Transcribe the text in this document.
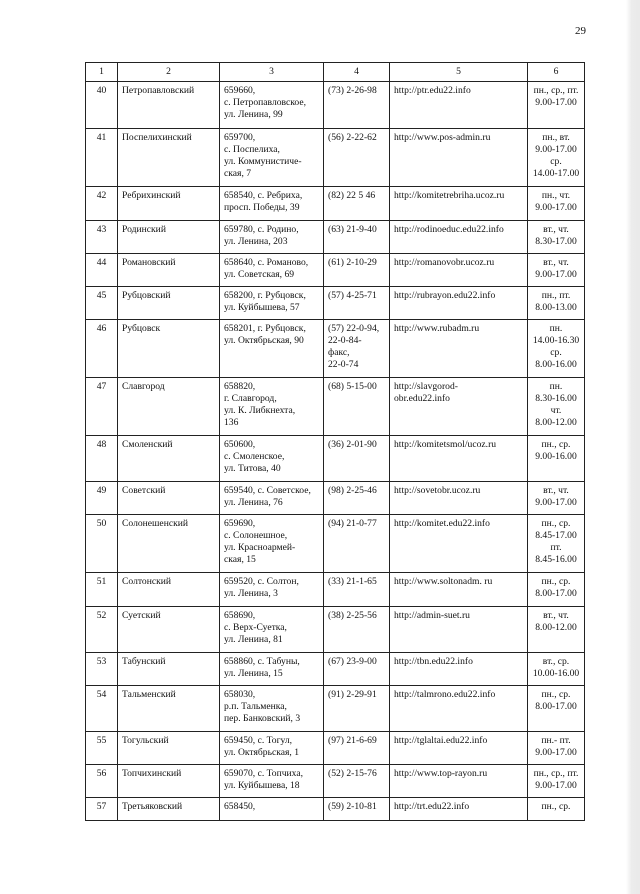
29
1	2	3	4	5	6
40	Петропавловский	659660,
с. Петропавловское,
ул. Ленина, 99	(73) 2-26-98	http://ptr.edu22.info	пн., ср., пт.
9.00-17.00
41	Поспелихинский	659700,
с. Поспелиха,
ул. Коммунистиче-
ская, 7	(56) 2-22-62	http://www.pos-admin.ru	пн., вт.
9.00-17.00
ср.
14.00-17.00
42	Ребрихинский	658540, с. Ребриха,
просп. Победы, 39	(82) 22 5 46	http://komitetrebriha.ucoz.ru	пн., чт.
9.00-17.00
43	Родинский	659780, с. Родино,
ул. Ленина, 203	(63) 21-9-40	http://rodinoeduc.edu22.info	вт., чт.
8.30-17.00
44	Романовский	658640, с. Романово,
ул. Советская, 69	(61) 2-10-29	http://romanovobr.ucoz.ru	вт., чт.
9.00-17.00
45	Рубцовский	658200, г. Рубцовск,
ул. Куйбышева, 57	(57) 4-25-71	http://rubrayon.edu22.info	пн., пт.
8.00-13.00
46	Рубцовск	658201, г. Рубцовск,
ул. Октябрьская, 90	(57) 22-0-94,
22-0-84-
факс,
22-0-74	http://www.rubadm.ru	пн.
14.00-16.30
ср.
8.00-16.00
47	Славгород	658820,
г. Славгород,
ул. К. Либкнехта,
136	(68) 5-15-00	http://slavgorod-
obr.edu22.info	пн.
8.30-16.00
чт.
8.00-12.00
48	Смоленский	650600,
с. Смоленское,
ул. Титова, 40	(36) 2-01-90	http://komitetsmol/ucoz.ru	пн., ср.
9.00-16.00
49	Советский	659540, с. Советское,
ул. Ленина, 76	(98) 2-25-46	http://sovetobr.ucoz.ru	вт., чт.
9.00-17.00
50	Солонешенский	659690,
с. Солонешное,
ул. Красноармей-
ская, 15	(94) 21-0-77	http://komitet.edu22.info	пн., ср.
8.45-17.00
пт.
8.45-16.00
51	Солтонский	659520, с. Солтон,
ул. Ленина, 3	(33) 21-1-65	http://www.soltonadm. ru	пн., ср.
8.00-17.00
52	Суетский	658690,
с. Верх-Суетка,
ул. Ленина, 81	(38) 2-25-56	http://admin-suet.ru	вт., чт.
8.00-12.00
53	Табунский	658860, с. Табуны,
ул. Ленина, 15	(67) 23-9-00	http://tbn.edu22.info	вт., ср.
10.00-16.00
54	Тальменский	658030,
р.п. Тальменка,
пер. Банковский, 3	(91) 2-29-91	http://talmrono.edu22.info	пн., ср.
8.00-17.00
55	Тогульский	659450, с. Тогул,
ул. Октябрьская, 1	(97) 21-6-69	http://tglaltai.edu22.info	пн.- пт.
9.00-17.00
56	Топчихинский	659070, с. Топчиха,
ул. Куйбышева, 18	(52) 2-15-76	http://www.top-rayon.ru	пн., ср., пт.
9.00-17.00
57	Третьяковский	658450,	(59) 2-10-81	http://trt.edu22.info	пн., ср.
